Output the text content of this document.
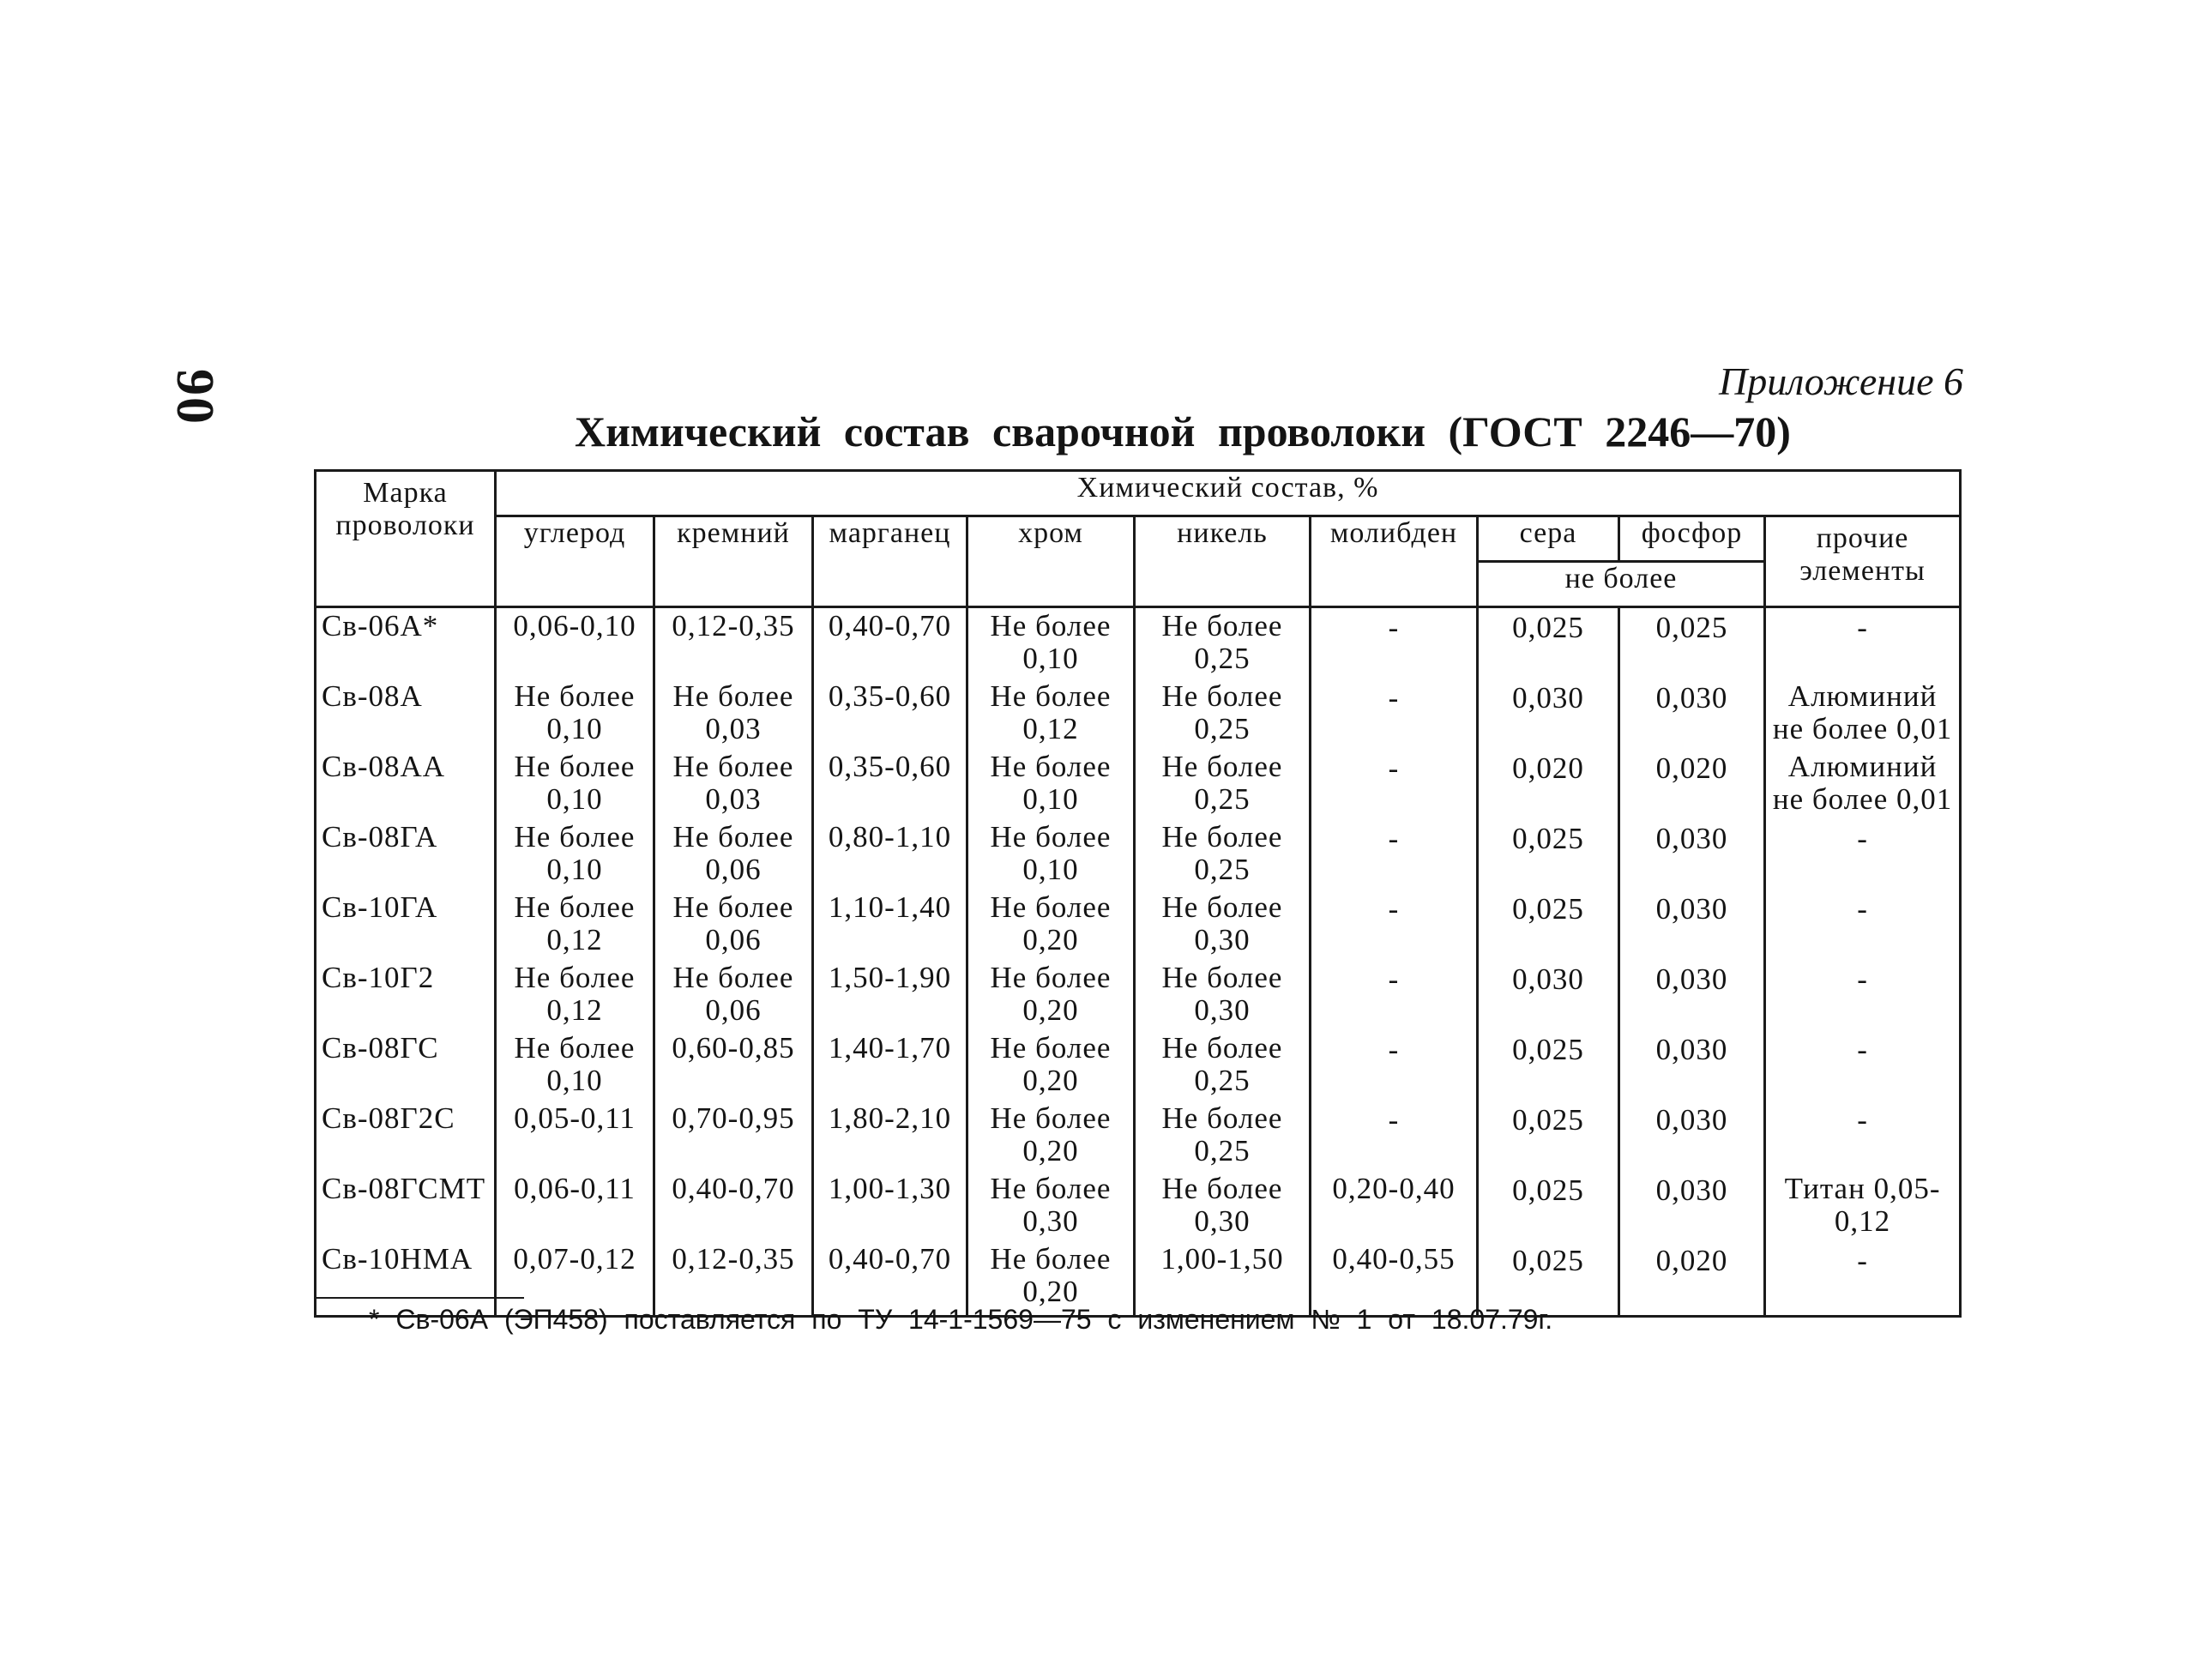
90	Приложение 6
Химический состав сварочной проволоки (ГОСТ 2246—70)
Марка проволоки	Химический состав, %								
	углерод	кремний	марганец	хром	никель	молибден	сера	фосфор	прочие элементы
							не более		
Св-06А*	0,06-0,10	0,12-0,35	0,40-0,70	Не более 0,10	Не более 0,25	-	0,025	0,025	-
Св-08А	Не более 0,10	Не более 0,03	0,35-0,60	Не более 0,12	Не более 0,25	-	0,030	0,030	Алюминий не более 0,01
Св-08АА	Не более 0,10	Не более 0,03	0,35-0,60	Не более 0,10	Не более 0,25	-	0,020	0,020	Алюминий не более 0,01
Св-08ГА	Не более 0,10	Не более 0,06	0,80-1,10	Не более 0,10	Не более 0,25	-	0,025	0,030	-
Св-10ГА	Не более 0,12	Не более 0,06	1,10-1,40	Не более 0,20	Не более 0,30	-	0,025	0,030	-
Св-10Г2	Не более 0,12	Не более 0,06	1,50-1,90	Не более 0,20	Не более 0,30	-	0,030	0,030	-
Св-08ГС	Не более 0,10	0,60-0,85	1,40-1,70	Не более 0,20	Не более 0,25	-	0,025	0,030	-
Св-08Г2С	0,05-0,11	0,70-0,95	1,80-2,10	Не более 0,20	Не более 0,25	-	0,025	0,030	-
Св-08ГСМТ	0,06-0,11	0,40-0,70	1,00-1,30	Не более 0,30	Не более 0,30	0,20-0,40	0,025	0,030	Титан 0,05-0,12
Св-10НМА	0,07-0,12	0,12-0,35	0,40-0,70	Не более 0,20	1,00-1,50	0,40-0,55	0,025	0,020	-
* Св-06А (ЭП458) поставляется по ТУ 14-1-1569—75 с изменением № 1 от 18.07.79г.
